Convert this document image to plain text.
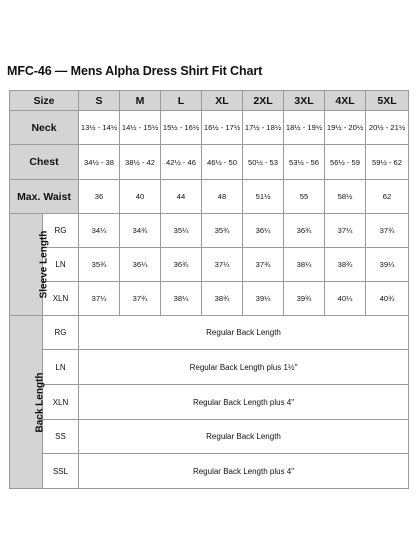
MFC-46 — Mens Alpha Dress Shirt Fit Chart
Size		S	M	L	XL	2XL	3XL	4XL	5XL
Neck		13½ - 14½	14½ - 15½	15½ - 16½	16½ - 17½	17½ - 18½	18½ - 19½	19½ - 20½	20½ - 21½
Chest		34½ - 38	38½ - 42	42½ - 46	46½ - 50	50½ - 53	53½ - 56	56½ - 59	59½ - 62
Max. Waist		36	40	44	48	51½	55	58½	62
Sleeve Length	RG	34¼	34¾	35¼	35¾	36¼	36¾	37¼	37¾
	LN	35¾	36¼	36¾	37¼	37¾	38¼	38¾	39¼
	XLN	37¼	37¾	38¼	38¾	39¼	39¾	40¼	40¾
Back Length	RG	Regular Back Length							
	LN	Regular Back Length plus 1½"							
	XLN	Regular Back Length plus 4"							
	SS	Regular Back Length							
	SSL	Regular Back Length plus 4"							
